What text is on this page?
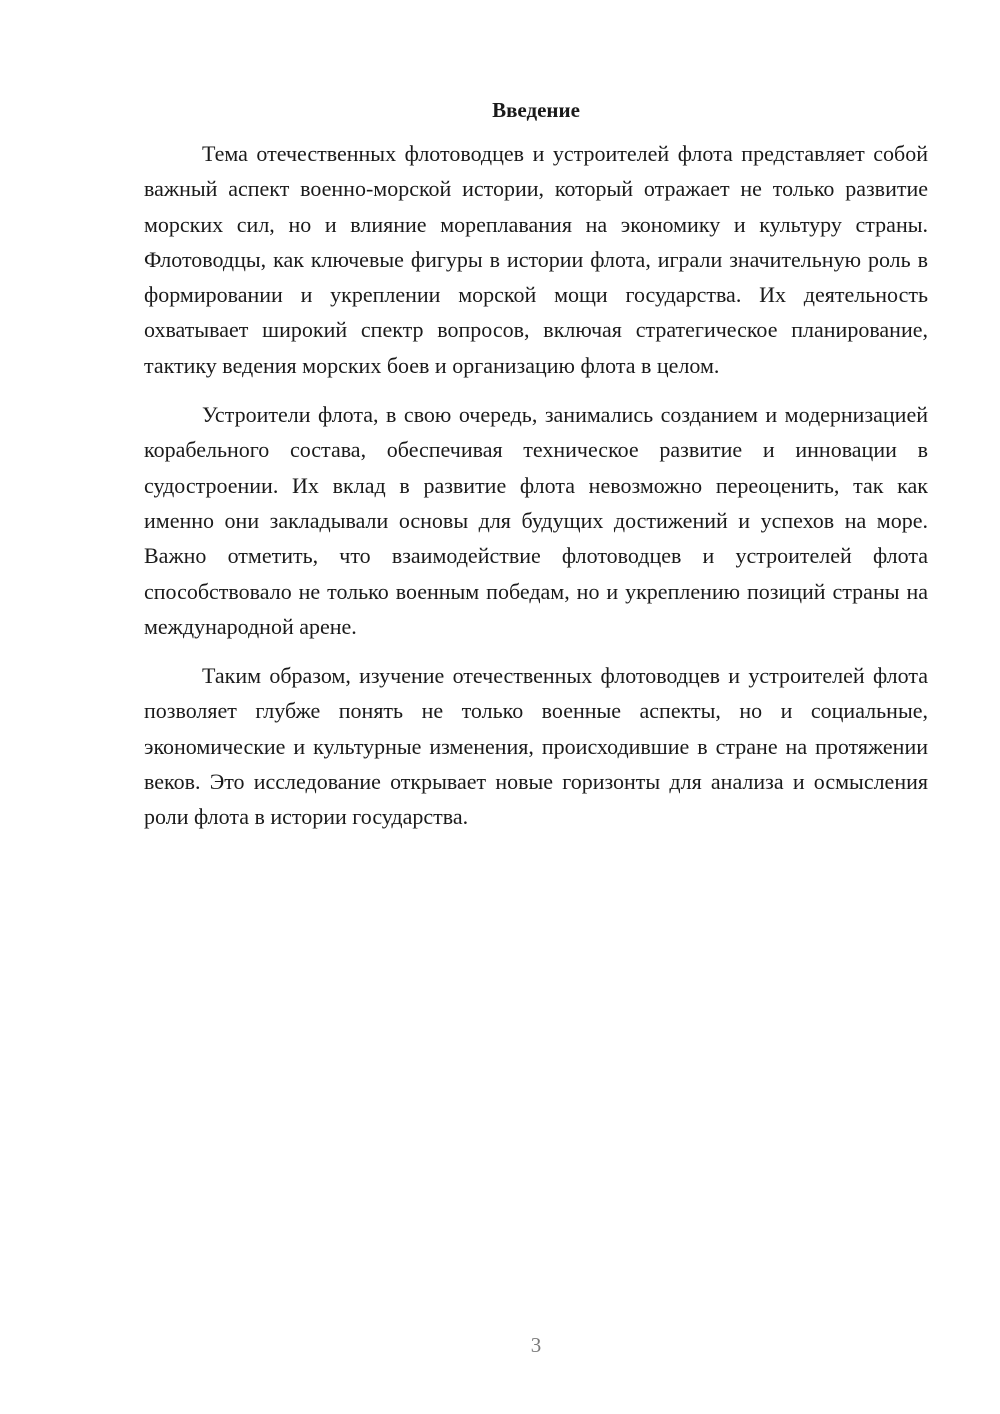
Введение

Тема отечественных флотоводцев и устроителей флота представляет собой важный аспект военно-морской истории, который отражает не только развитие морских сил, но и влияние мореплавания на экономику и культуру страны. Флотоводцы, как ключевые фигуры в истории флота, играли значительную роль в формировании и укреплении морской мощи государства. Их деятельность охватывает широкий спектр вопросов, включая стратегическое планирование, тактику ведения морских боев и организацию флота в целом.

Устроители флота, в свою очередь, занимались созданием и модернизацией корабельного состава, обеспечивая техническое развитие и инновации в судостроении. Их вклад в развитие флота невозможно переоценить, так как именно они закладывали основы для будущих достижений и успехов на море. Важно отметить, что взаимодействие флотоводцев и устроителей флота способствовало не только военным победам, но и укреплению позиций страны на международной арене.

Таким образом, изучение отечественных флотоводцев и устроителей флота позволяет глубже понять не только военные аспекты, но и социальные, экономические и культурные изменения, происходившие в стране на протяжении веков. Это исследование открывает новые горизонты для анализа и осмысления роли флота в истории государства.

3
